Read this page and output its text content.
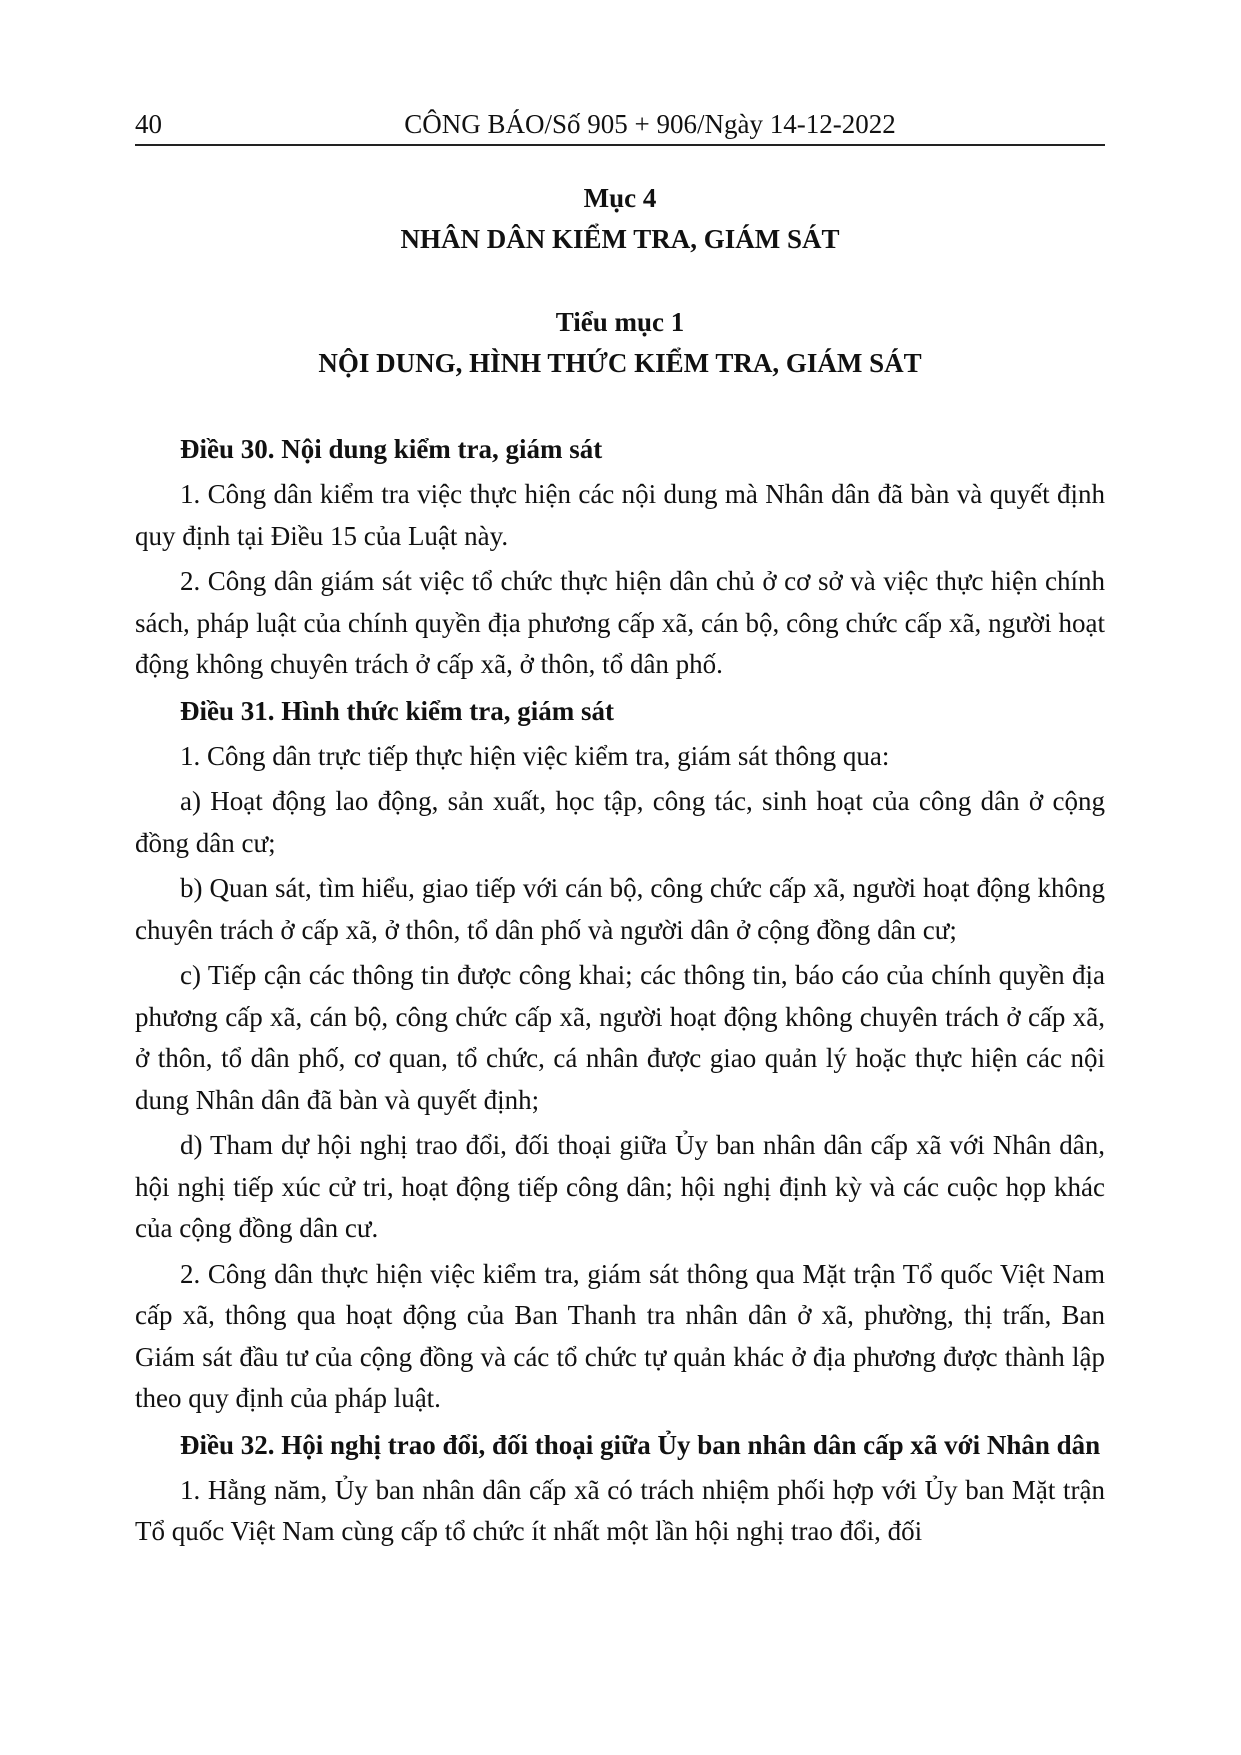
40	CÔNG BÁO/Số 905 + 906/Ngày 14-12-2022
Mục 4
NHÂN DÂN KIỂM TRA, GIÁM SÁT
Tiểu mục 1
NỘI DUNG, HÌNH THỨC KIỂM TRA, GIÁM SÁT
Điều 30. Nội dung kiểm tra, giám sát

1. Công dân kiểm tra việc thực hiện các nội dung mà Nhân dân đã bàn và quyết định quy định tại Điều 15 của Luật này.

2. Công dân giám sát việc tổ chức thực hiện dân chủ ở cơ sở và việc thực hiện chính sách, pháp luật của chính quyền địa phương cấp xã, cán bộ, công chức cấp xã, người hoạt động không chuyên trách ở cấp xã, ở thôn, tổ dân phố.

Điều 31. Hình thức kiểm tra, giám sát

1. Công dân trực tiếp thực hiện việc kiểm tra, giám sát thông qua:

a) Hoạt động lao động, sản xuất, học tập, công tác, sinh hoạt của công dân ở cộng đồng dân cư;

b) Quan sát, tìm hiểu, giao tiếp với cán bộ, công chức cấp xã, người hoạt động không chuyên trách ở cấp xã, ở thôn, tổ dân phố và người dân ở cộng đồng dân cư;

c) Tiếp cận các thông tin được công khai; các thông tin, báo cáo của chính quyền địa phương cấp xã, cán bộ, công chức cấp xã, người hoạt động không chuyên trách ở cấp xã, ở thôn, tổ dân phố, cơ quan, tổ chức, cá nhân được giao quản lý hoặc thực hiện các nội dung Nhân dân đã bàn và quyết định;

d) Tham dự hội nghị trao đổi, đối thoại giữa Ủy ban nhân dân cấp xã với Nhân dân, hội nghị tiếp xúc cử tri, hoạt động tiếp công dân; hội nghị định kỳ và các cuộc họp khác của cộng đồng dân cư.

2. Công dân thực hiện việc kiểm tra, giám sát thông qua Mặt trận Tổ quốc Việt Nam cấp xã, thông qua hoạt động của Ban Thanh tra nhân dân ở xã, phường, thị trấn, Ban Giám sát đầu tư của cộng đồng và các tổ chức tự quản khác ở địa phương được thành lập theo quy định của pháp luật.

Điều 32. Hội nghị trao đổi, đối thoại giữa Ủy ban nhân dân cấp xã với Nhân dân

1. Hằng năm, Ủy ban nhân dân cấp xã có trách nhiệm phối hợp với Ủy ban Mặt trận Tổ quốc Việt Nam cùng cấp tổ chức ít nhất một lần hội nghị trao đổi, đối
